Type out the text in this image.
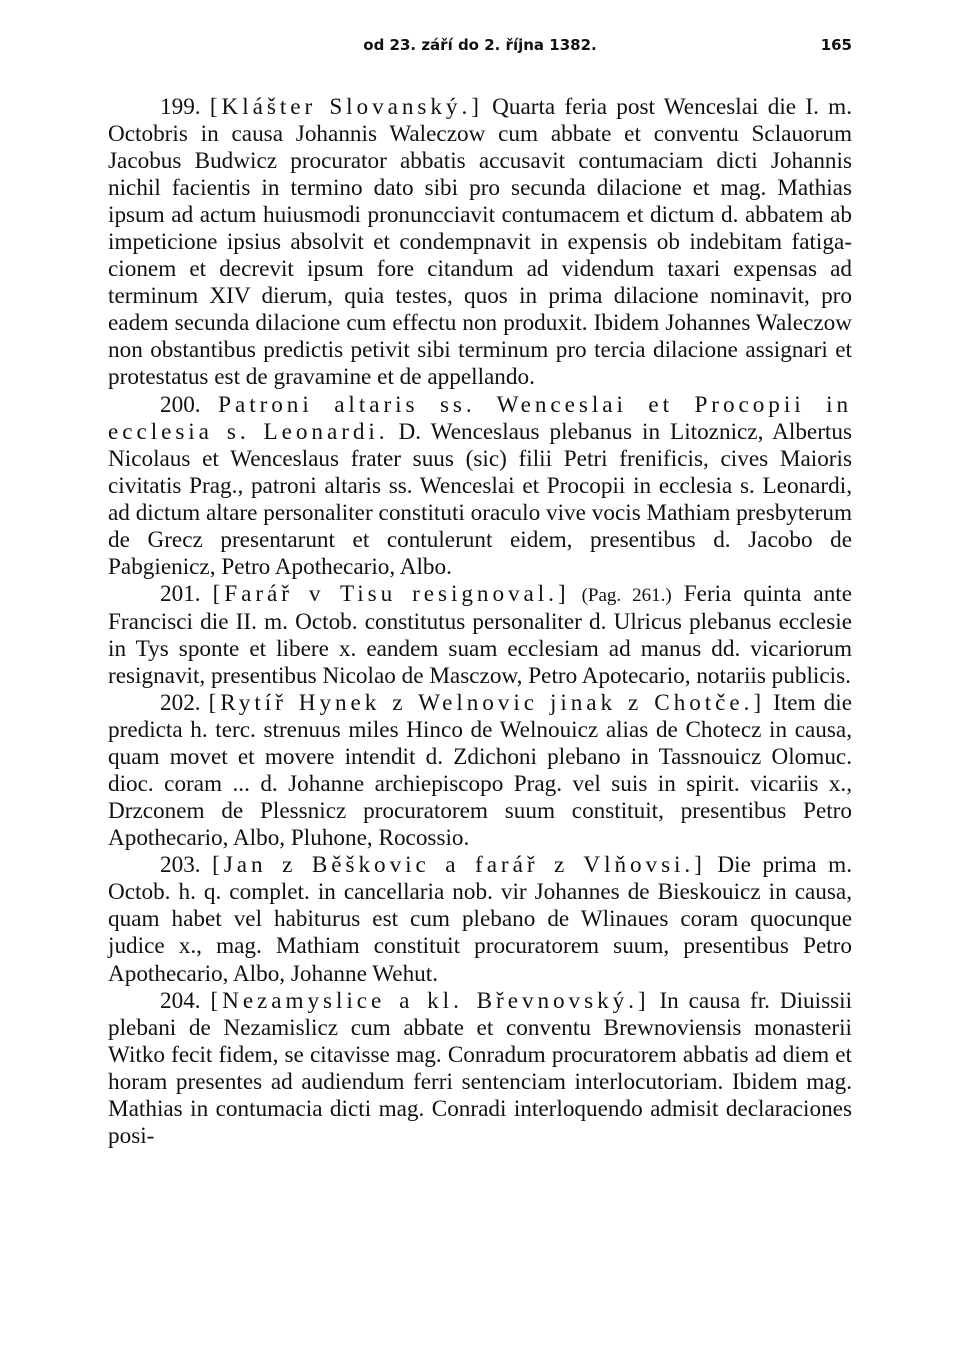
od 23. září do 2. října 1382.	165

199. [Klášter Slovanský.] Quarta feria post Wenceslai die I. m. Octobris in causa Johannis Waleczow cum abbate et conventu Sclauorum Jacobus Budwicz procurator abbatis accusavit contumaciam dicti Johannis nichil facientis in termino dato sibi pro secunda dilacione et mag. Mathias ipsum ad actum huiusmodi pronuncciavit contumacem et dictum d. abbatem ab impeticione ipsius absolvit et condempnavit in expensis ob indebitam fatigacionem et decrevit ipsum fore citandum ad videndum taxari expensas ad terminum XIV dierum, quia testes, quos in prima dilacione nominavit, pro eadem secunda dilacione cum effectu non produxit. Ibidem Johannes Waleczow non obstantibus predictis petivit sibi terminum pro tercia dilacione assignari et protestatus est de gravamine et de appellando.

200. Patroni altaris ss. Wenceslai et Procopii in ecclesia s. Leonardi. D. Wenceslaus plebanus in Litoznicz, Albertus Nicolaus et Wenceslaus frater suus (sic) filii Petri frenificis, cives Maioris civitatis Prag., patroni altaris ss. Wenceslai et Procopii in ecclesia s. Leonardi, ad dictum altare personaliter constituti oraculo vive vocis Mathiam presbyterum de Grecz presentarunt et contulerunt eidem, presentibus d. Jacobo de Pabgienicz, Petro Apothecario, Albo.

201. [Farář v Tisu resignoval.] (Pag. 261.) Feria quinta ante Francisci die II. m. Octob. constitutus personaliter d. Ulricus plebanus ecclesie in Tys sponte et libere x. eandem suam ecclesiam ad manus dd. vicariorum resignavit, presentibus Nicolao de Masczow, Petro Apotecario, notariis publicis.

202. [Rytíř Hynek z Welnovic jinak z Chotče.] Item die predicta h. terc. strenuus miles Hinco de Welnouicz alias de Chotecz in causa, quam movet et movere intendit d. Zdichoni plebano in Tassnouicz Olomuc. dioc. coram ... d. Johanne archiepiscopo Prag. vel suis in spirit. vicariis x., Drzconem de Plessnicz procuratorem suum constituit, presentibus Petro Apothecario, Albo, Pluhone, Rocossio.

203. [Jan z Běškovic a farář z Vlňovsi.] Die prima m. Octob. h. q. complet. in cancellaria nob. vir Johannes de Bieskouicz in causa, quam habet vel habiturus est cum plebano de Wlinaues coram quocunque judice x., mag. Mathiam constituit procuratorem suum, presentibus Petro Apothecario, Albo, Johanne Wehut.

204. [Nezamyslice a kl. Břevnovský.] In causa fr. Diuissii plebani de Nezamislicz cum abbate et conventu Brewnoviensis monasterii Witko fecit fidem, se citavisse mag. Conradum procuratorem abbatis ad diem et horam presentes ad audiendum ferri sentenciam interlocutoriam. Ibidem mag. Mathias in contumacia dicti mag. Conradi interloquendo admisit declaraciones posi-
